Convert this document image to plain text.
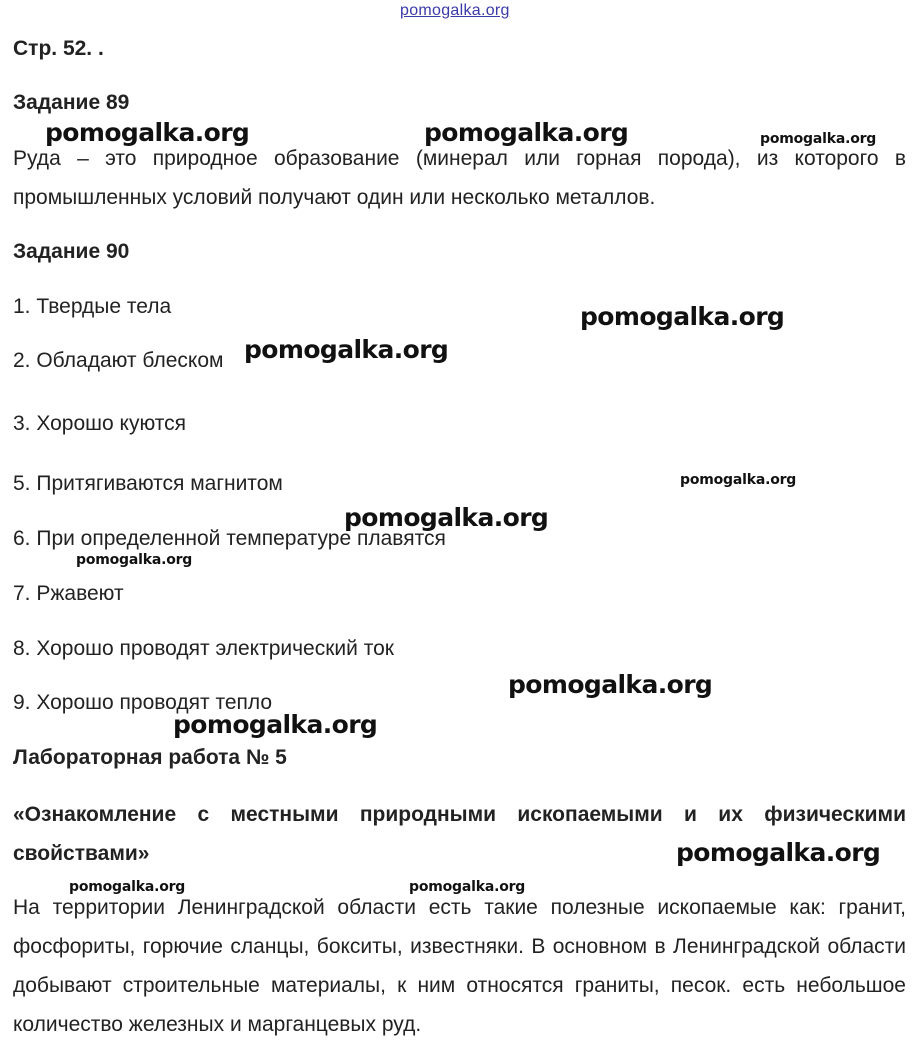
pomogalka.org
Стр. 52. .
Задание 89
Руда – это природное образование (минерал или горная порода), из которого в промышленных условий получают один или несколько металлов.
Задание 90
1. Твердые тела
2. Обладают блеском
3. Хорошо куются
5. Притягиваются магнитом
6. При определенной температуре плавятся
7. Ржавеют
8. Хорошо проводят электрический ток
9. Хорошо проводят тепло
Лабораторная работа № 5
«Ознакомление с местными природными ископаемыми и их физическими свойствами»
На территории Ленинградской области есть такие полезные ископаемые как: гранит, фосфориты, горючие сланцы, бокситы, известняки. В основном в Ленинградской области добывают строительные материалы, к ним относятся граниты, песок. есть небольшое количество железных и марганцевых руд.
pomogalka.org	pomogalka.org	pomogalka.org
pomogalka.org
pomogalka.org
pomogalka.org
pomogalka.org
pomogalka.org
pomogalka.org
pomogalka.org
pomogalka.org
pomogalka.org	pomogalka.org
